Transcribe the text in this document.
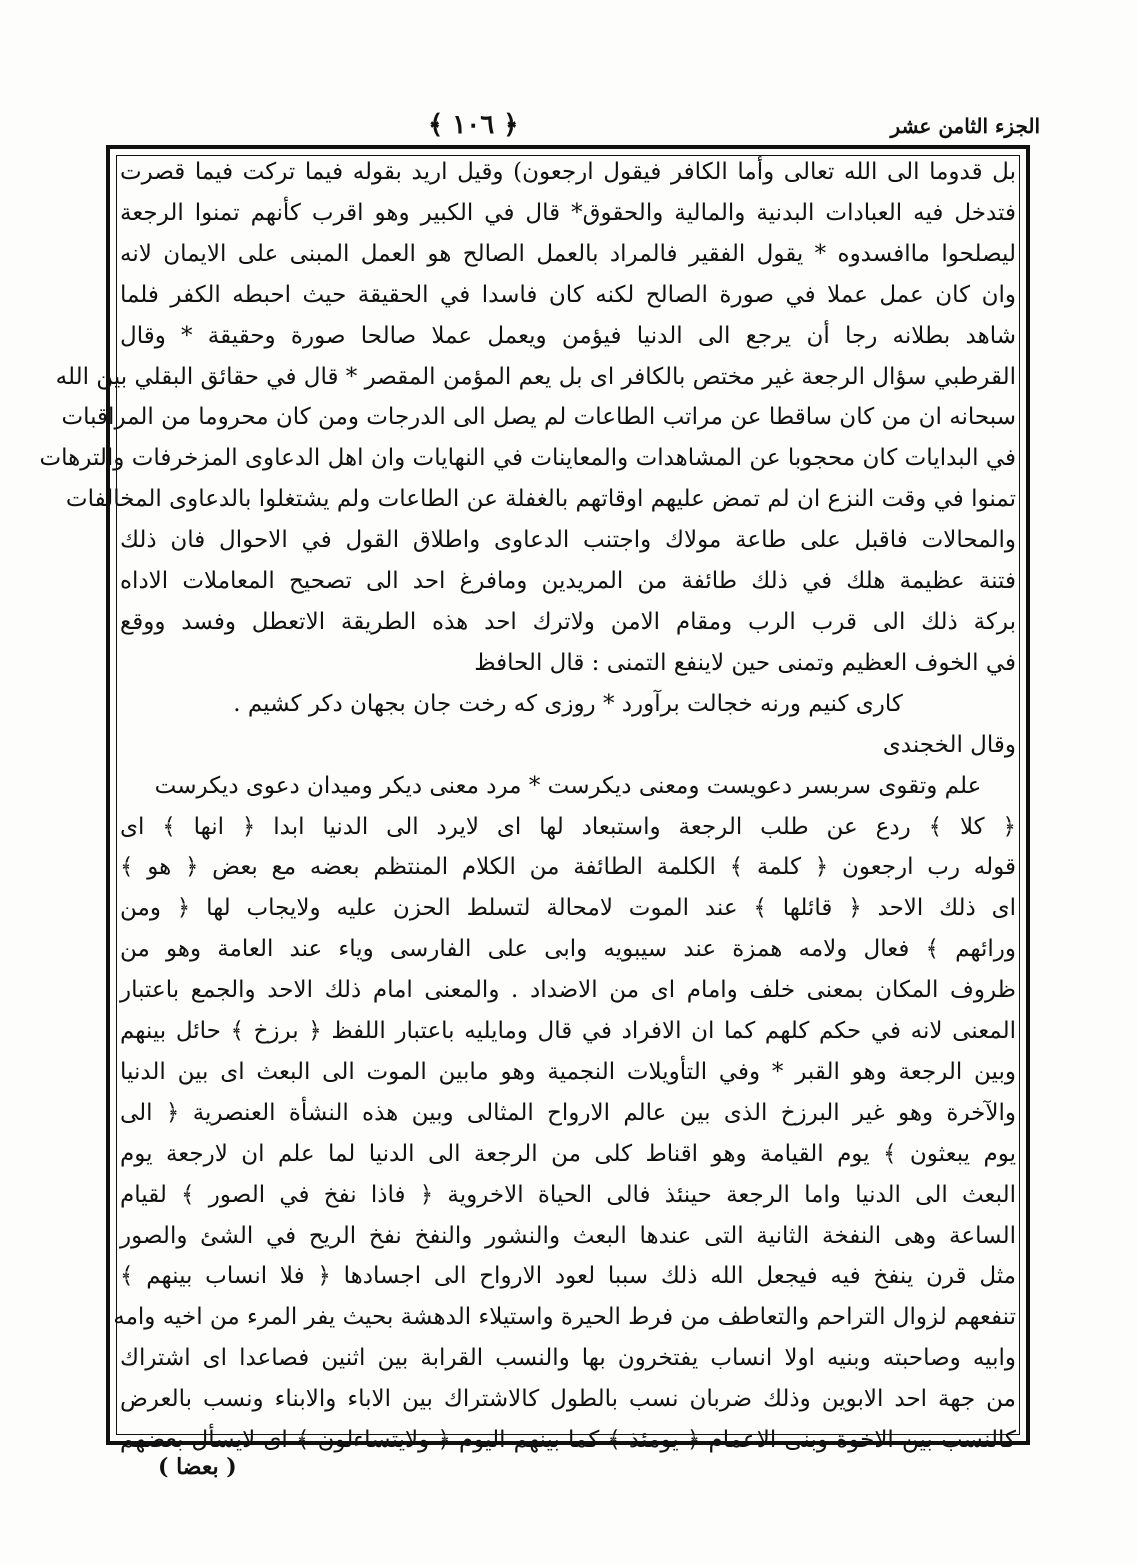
﴾ ١٠٦ ﴿	الجزء الثامن عشر
بل قدوما الى الله تعالى وأما الكافر فيقول ارجعون) وقيل اريد بقوله فيما تركت فيما قصرت
فتدخل فيه العبادات البدنية والمالية والحقوق* قال في الكبير وهو اقرب كأنهم تمنوا الرجعة
ليصلحوا ماافسدوه * يقول الفقير فالمراد بالعمل الصالح هو العمل المبنى على الايمان لانه
وان كان عمل عملا في صورة الصالح لكنه كان فاسدا في الحقيقة حيث احبطه الكفر فلما
شاهد بطلانه رجا أن يرجع الى الدنيا فيؤمن ويعمل عملا صالحا صورة وحقيقة * وقال
القرطبي سؤال الرجعة غير مختص بالكافر اى بل يعم المؤمن المقصر * قال في حقائق البقلي بين الله
سبحانه ان من كان ساقطا عن مراتب الطاعات لم يصل الى الدرجات ومن كان محروما من المراقبات
في البدايات كان محجوبا عن المشاهدات والمعاينات في النهايات وان اهل الدعاوى المزخرفات والترهات
تمنوا في وقت النزع ان لم تمض عليهم اوقاتهم بالغفلة عن الطاعات ولم يشتغلوا بالدعاوى المخالفات
والمحالات فاقبل على طاعة مولاك واجتنب الدعاوى واطلاق القول في الاحوال فان ذلك
فتنة عظيمة هلك في ذلك طائفة من المريدين ومافرغ احد الى تصحيح المعاملات الاداه
بركة ذلك الى قرب الرب ومقام الامن ولاترك احد هذه الطريقة الاتعطل وفسد ووقع
في الخوف العظيم وتمنى حين لاينفع التمنى : قال الحافظ
كارى كنيم ورنه خجالت برآورد * روزى كه رخت جان بجهان دكر كشيم .
وقال الخجندى
علم وتقوى سربسر دعويست ومعنى ديكرست * مرد معنى ديكر وميدان دعوى ديكرست
﴿ كلا ﴾ ردع عن طلب الرجعة واستبعاد لها اى لايرد الى الدنيا ابدا ﴿ انها ﴾ اى
قوله رب ارجعون ﴿ كلمة ﴾ الكلمة الطائفة من الكلام المنتظم بعضه مع بعض ﴿ هو ﴾
اى ذلك الاحد ﴿ قائلها ﴾ عند الموت لامحالة لتسلط الحزن عليه ولايجاب لها ﴿ ومن
ورائهم ﴾ فعال ولامه همزة عند سيبويه وابى على الفارسى وياء عند العامة وهو من
ظروف المكان بمعنى خلف وامام اى من الاضداد . والمعنى امام ذلك الاحد والجمع باعتبار
المعنى لانه في حكم كلهم كما ان الافراد في قال ومايليه باعتبار اللفظ ﴿ برزخ ﴾ حائل بينهم
وبين الرجعة وهو القبر * وفي التأويلات النجمية وهو مابين الموت الى البعث اى بين الدنيا
والآخرة وهو غير البرزخ الذى بين عالم الارواح المثالى وبين هذه النشأة العنصرية ﴿ الى
يوم يبعثون ﴾ يوم القيامة وهو اقناط كلى من الرجعة الى الدنيا لما علم ان لارجعة يوم
البعث الى الدنيا واما الرجعة حينئذ فالى الحياة الاخروية ﴿ فاذا نفخ في الصور ﴾ لقيام
الساعة وهى النفخة الثانية التى عندها البعث والنشور والنفخ نفخ الريح في الشئ والصور
مثل قرن ينفخ فيه فيجعل الله ذلك سببا لعود الارواح الى اجسادها ﴿ فلا انساب بينهم ﴾
تنفعهم لزوال التراحم والتعاطف من فرط الحيرة واستيلاء الدهشة بحيث يفر المرء من اخيه وامه
وابيه وصاحبته وبنيه اولا انساب يفتخرون بها والنسب القرابة بين اثنين فصاعدا اى اشتراك
من جهة احد الابوين وذلك ضربان نسب بالطول كالاشتراك بين الاباء والابناء ونسب بالعرض
كالنسب بين الاخوة وبنى الاعمام ﴿ يومئذ ﴾ كما بينهم اليوم ﴿ ولايتساءلون ﴾ اى لايسأل بعضهم
( بعضا )
